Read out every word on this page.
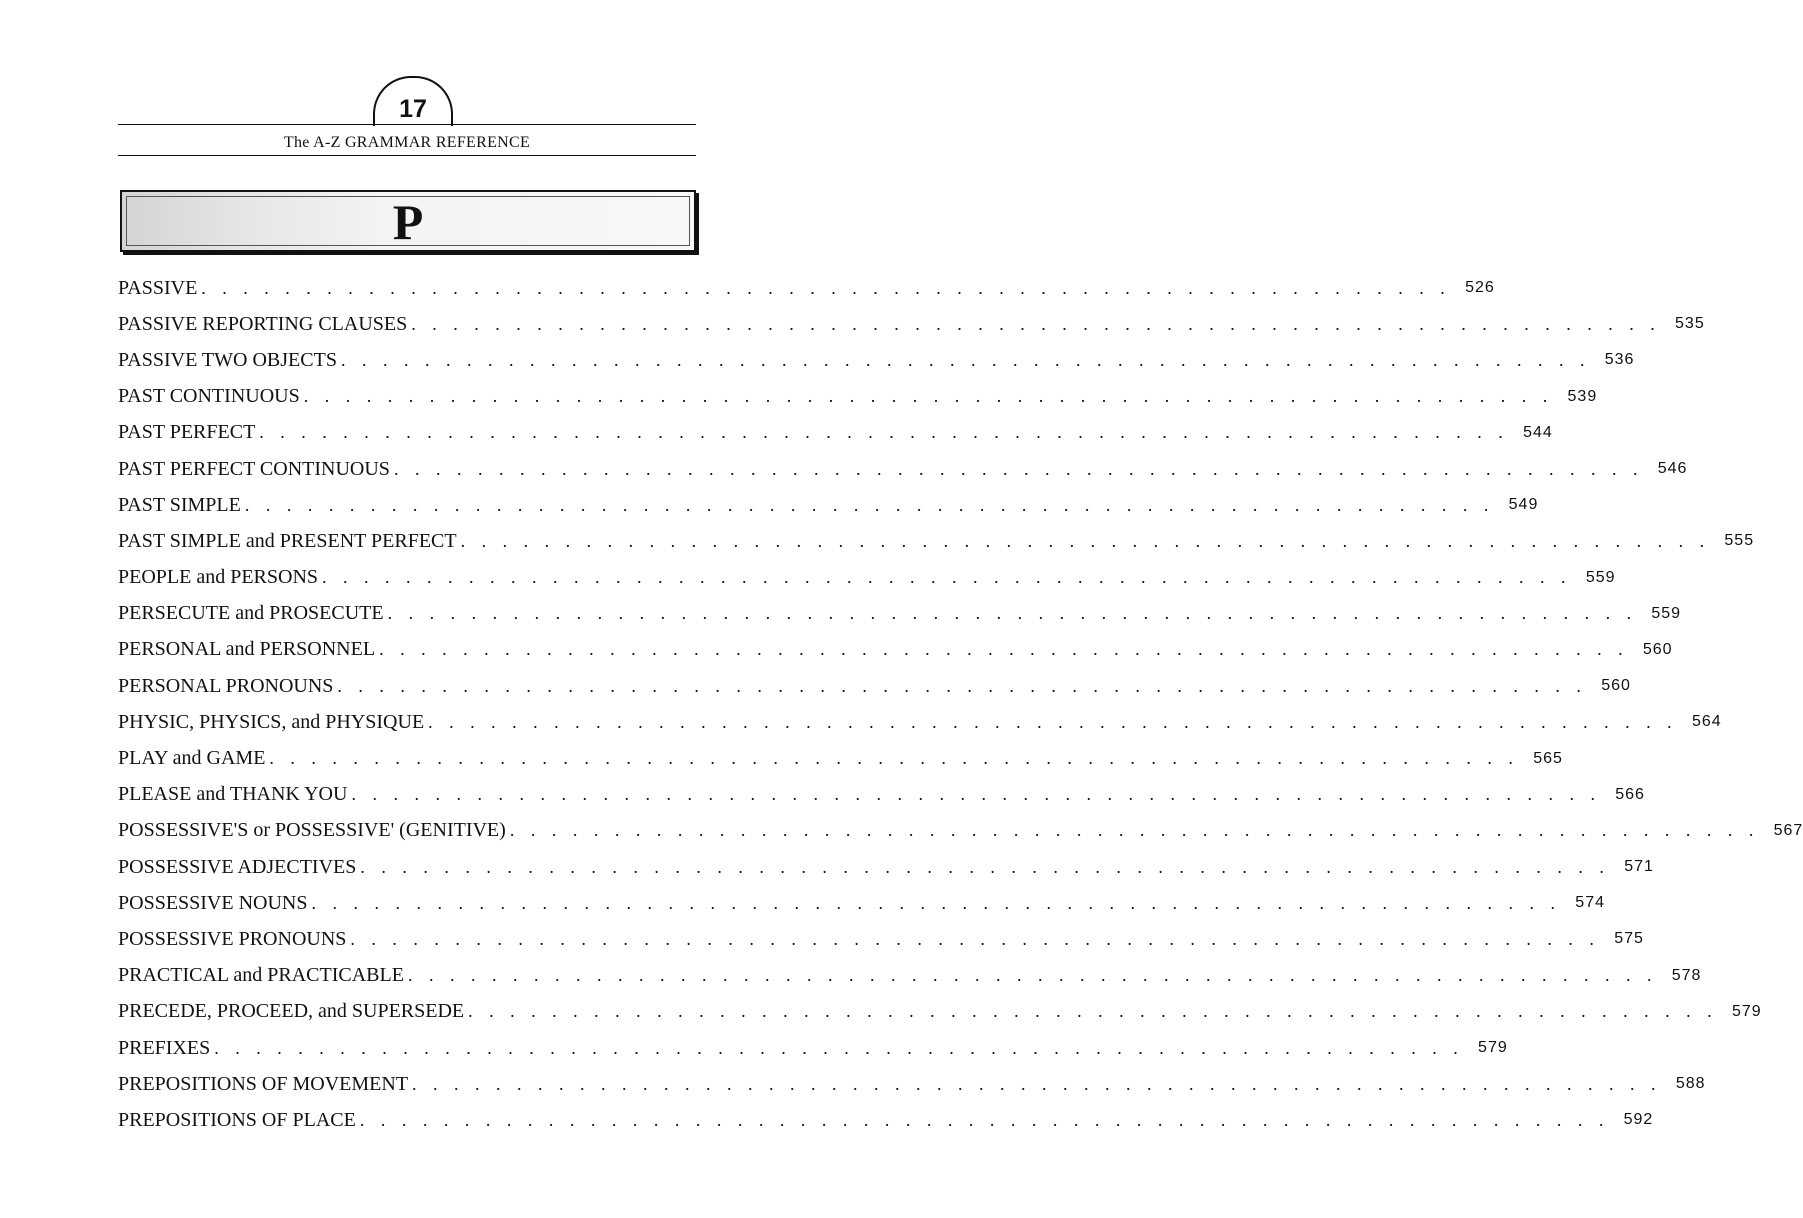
17
The A-Z GRAMMAR REFERENCE
P
PASSIVE . . . . . . . . . . . . . . . . . . . . . . . . . . . . . . . . . . . . . . . . . . . . . . . . . . . . . . . . . . . . 526
PASSIVE REPORTING CLAUSES . . . . . . . . . . . . . . . . . . . . . . . . . . . . . . . . . . . . . . . . . . . . . . . . . . . . . . . . . . . . 535
PASSIVE TWO OBJECTS . . . . . . . . . . . . . . . . . . . . . . . . . . . . . . . . . . . . . . . . . . . . . . . . . . . . . . . . . . . . 536
PAST CONTINUOUS . . . . . . . . . . . . . . . . . . . . . . . . . . . . . . . . . . . . . . . . . . . . . . . . . . . . . . . . . . . . 539
PAST PERFECT . . . . . . . . . . . . . . . . . . . . . . . . . . . . . . . . . . . . . . . . . . . . . . . . . . . . . . . . . . . . 544
PAST PERFECT CONTINUOUS . . . . . . . . . . . . . . . . . . . . . . . . . . . . . . . . . . . . . . . . . . . . . . . . . . . . . . . . . . . . 546
PAST SIMPLE . . . . . . . . . . . . . . . . . . . . . . . . . . . . . . . . . . . . . . . . . . . . . . . . . . . . . . . . . . . . 549
PAST SIMPLE and PRESENT PERFECT . . . . . . . . . . . . . . . . . . . . . . . . . . . . . . . . . . . . . . . . . . . . . . . . . . . . . . . . . . . . 555
PEOPLE and PERSONS . . . . . . . . . . . . . . . . . . . . . . . . . . . . . . . . . . . . . . . . . . . . . . . . . . . . . . . . . . . . 559
PERSECUTE and PROSECUTE . . . . . . . . . . . . . . . . . . . . . . . . . . . . . . . . . . . . . . . . . . . . . . . . . . . . . . . . . . . . 559
PERSONAL and PERSONNEL . . . . . . . . . . . . . . . . . . . . . . . . . . . . . . . . . . . . . . . . . . . . . . . . . . . . . . . . . . . . 560
PERSONAL PRONOUNS . . . . . . . . . . . . . . . . . . . . . . . . . . . . . . . . . . . . . . . . . . . . . . . . . . . . . . . . . . . . 560
PHYSIC, PHYSICS, and PHYSIQUE . . . . . . . . . . . . . . . . . . . . . . . . . . . . . . . . . . . . . . . . . . . . . . . . . . . . . . . . . . . . 564
PLAY and GAME . . . . . . . . . . . . . . . . . . . . . . . . . . . . . . . . . . . . . . . . . . . . . . . . . . . . . . . . . . . . 565
PLEASE and THANK YOU . . . . . . . . . . . . . . . . . . . . . . . . . . . . . . . . . . . . . . . . . . . . . . . . . . . . . . . . . . . . 566
POSSESSIVE'S or POSSESSIVE' (GENITIVE) . . . . . . . . . . . . . . . . . . . . . . . . . . . . . . . . . . . . . . . . . . . . . . . . . . . . . . . . . . . . 567
POSSESSIVE ADJECTIVES . . . . . . . . . . . . . . . . . . . . . . . . . . . . . . . . . . . . . . . . . . . . . . . . . . . . . . . . . . . . 571
POSSESSIVE NOUNS . . . . . . . . . . . . . . . . . . . . . . . . . . . . . . . . . . . . . . . . . . . . . . . . . . . . . . . . . . . . 574
POSSESSIVE PRONOUNS . . . . . . . . . . . . . . . . . . . . . . . . . . . . . . . . . . . . . . . . . . . . . . . . . . . . . . . . . . . . 575
PRACTICAL and PRACTICABLE . . . . . . . . . . . . . . . . . . . . . . . . . . . . . . . . . . . . . . . . . . . . . . . . . . . . . . . . . . . . 578
PRECEDE, PROCEED, and SUPERSEDE . . . . . . . . . . . . . . . . . . . . . . . . . . . . . . . . . . . . . . . . . . . . . . . . . . . . . . . . . . . . 579
PREFIXES . . . . . . . . . . . . . . . . . . . . . . . . . . . . . . . . . . . . . . . . . . . . . . . . . . . . . . . . . . . . 579
PREPOSITIONS OF MOVEMENT . . . . . . . . . . . . . . . . . . . . . . . . . . . . . . . . . . . . . . . . . . . . . . . . . . . . . . . . . . . . 588
PREPOSITIONS OF PLACE . . . . . . . . . . . . . . . . . . . . . . . . . . . . . . . . . . . . . . . . . . . . . . . . . . . . . . . . . . . . 592
